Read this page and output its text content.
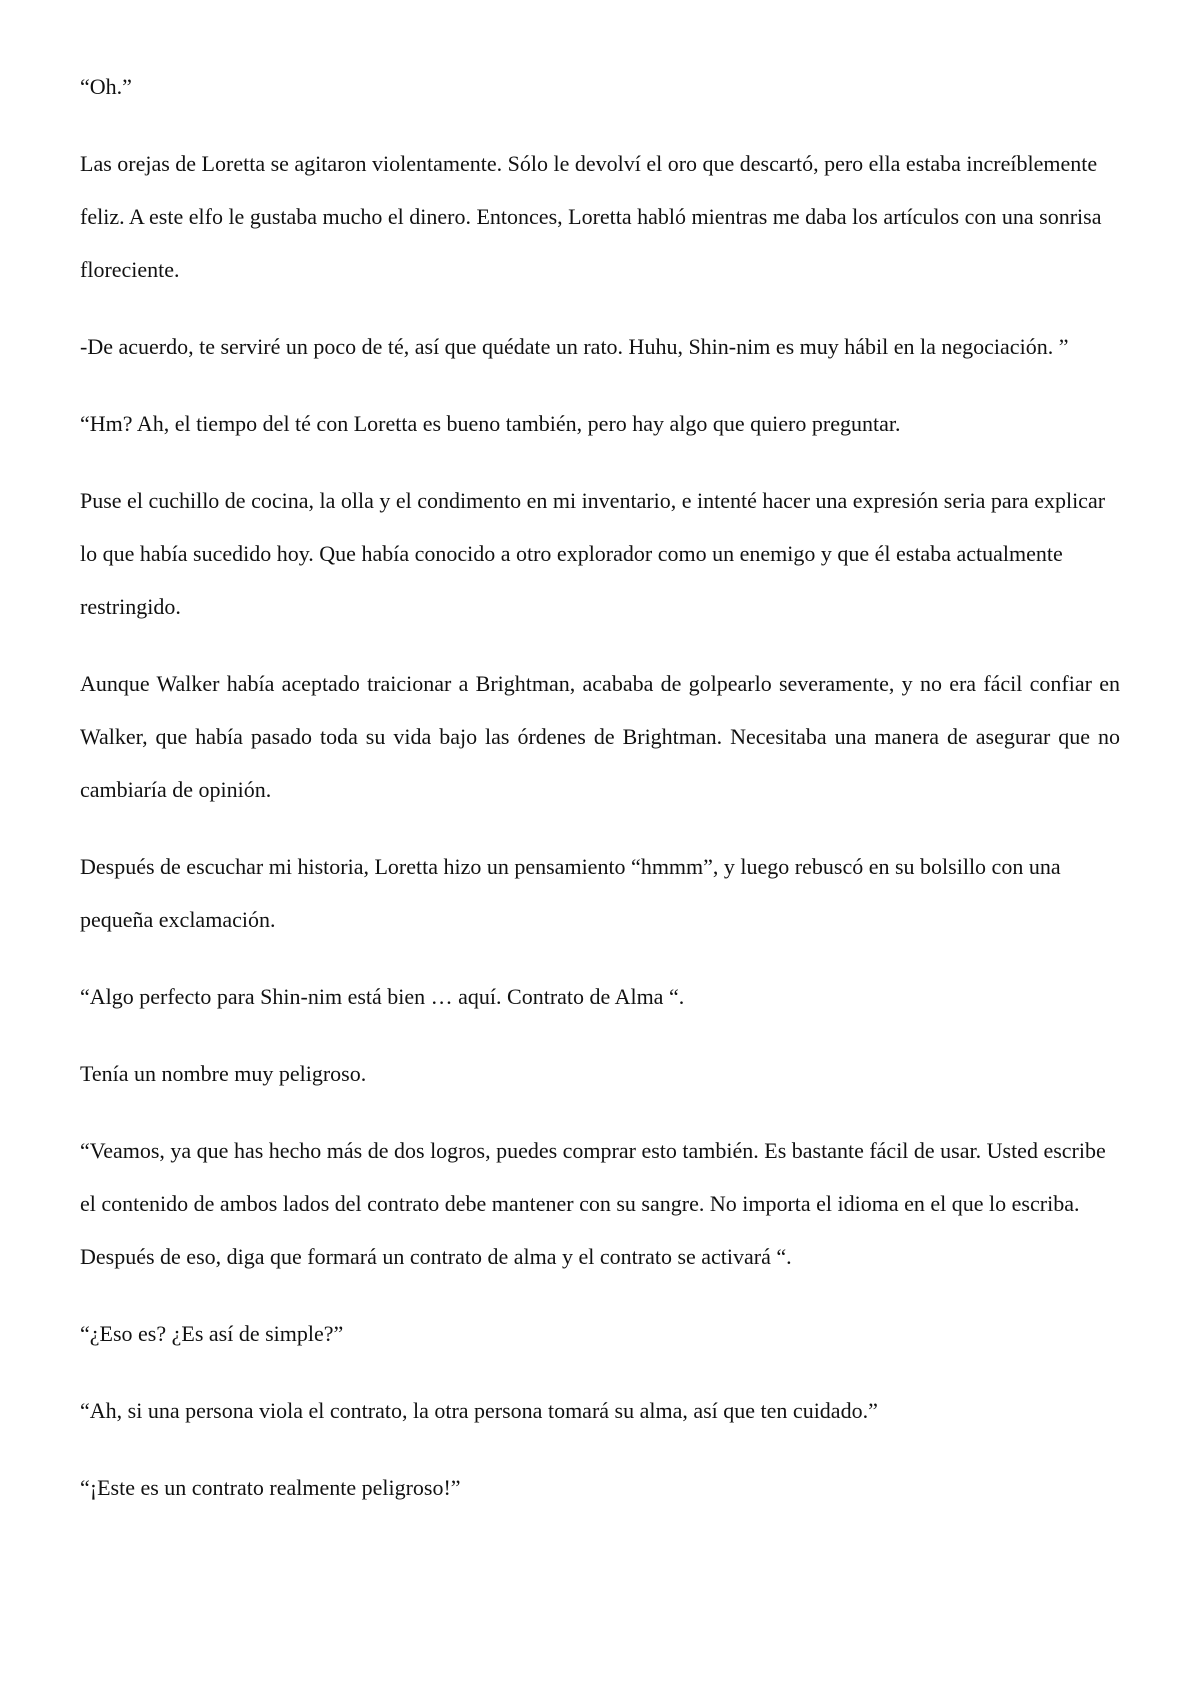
“Oh.”

Las orejas de Loretta se agitaron violentamente. Sólo le devolví el oro que descartó, pero ella estaba increíblemente feliz. A este elfo le gustaba mucho el dinero. Entonces, Loretta habló mientras me daba los artículos con una sonrisa floreciente.

-De acuerdo, te serviré un poco de té, así que quédate un rato. Huhu, Shin-nim es muy hábil en la negociación. ”

“Hm? Ah, el tiempo del té con Loretta es bueno también, pero hay algo que quiero preguntar.

Puse el cuchillo de cocina, la olla y el condimento en mi inventario, e intenté hacer una expresión seria para explicar lo que había sucedido hoy. Que había conocido a otro explorador como un enemigo y que él estaba actualmente restringido.

Aunque Walker había aceptado traicionar a Brightman, acababa de golpearlo severamente, y no era fácil confiar en Walker, que había pasado toda su vida bajo las órdenes de Brightman. Necesitaba una manera de asegurar que no cambiaría de opinión.

Después de escuchar mi historia, Loretta hizo un pensamiento “hmmm”, y luego rebuscó en su bolsillo con una pequeña exclamación.

“Algo perfecto para Shin-nim está bien … aquí. Contrato de Alma “.

Tenía un nombre muy peligroso.

“Veamos, ya que has hecho más de dos logros, puedes comprar esto también. Es bastante fácil de usar. Usted escribe el contenido de ambos lados del contrato debe mantener con su sangre. No importa el idioma en el que lo escriba. Después de eso, diga que formará un contrato de alma y el contrato se activará “.

“¿Eso es? ¿Es así de simple?”

“Ah, si una persona viola el contrato, la otra persona tomará su alma, así que ten cuidado.”

“¡Este es un contrato realmente peligroso!”
